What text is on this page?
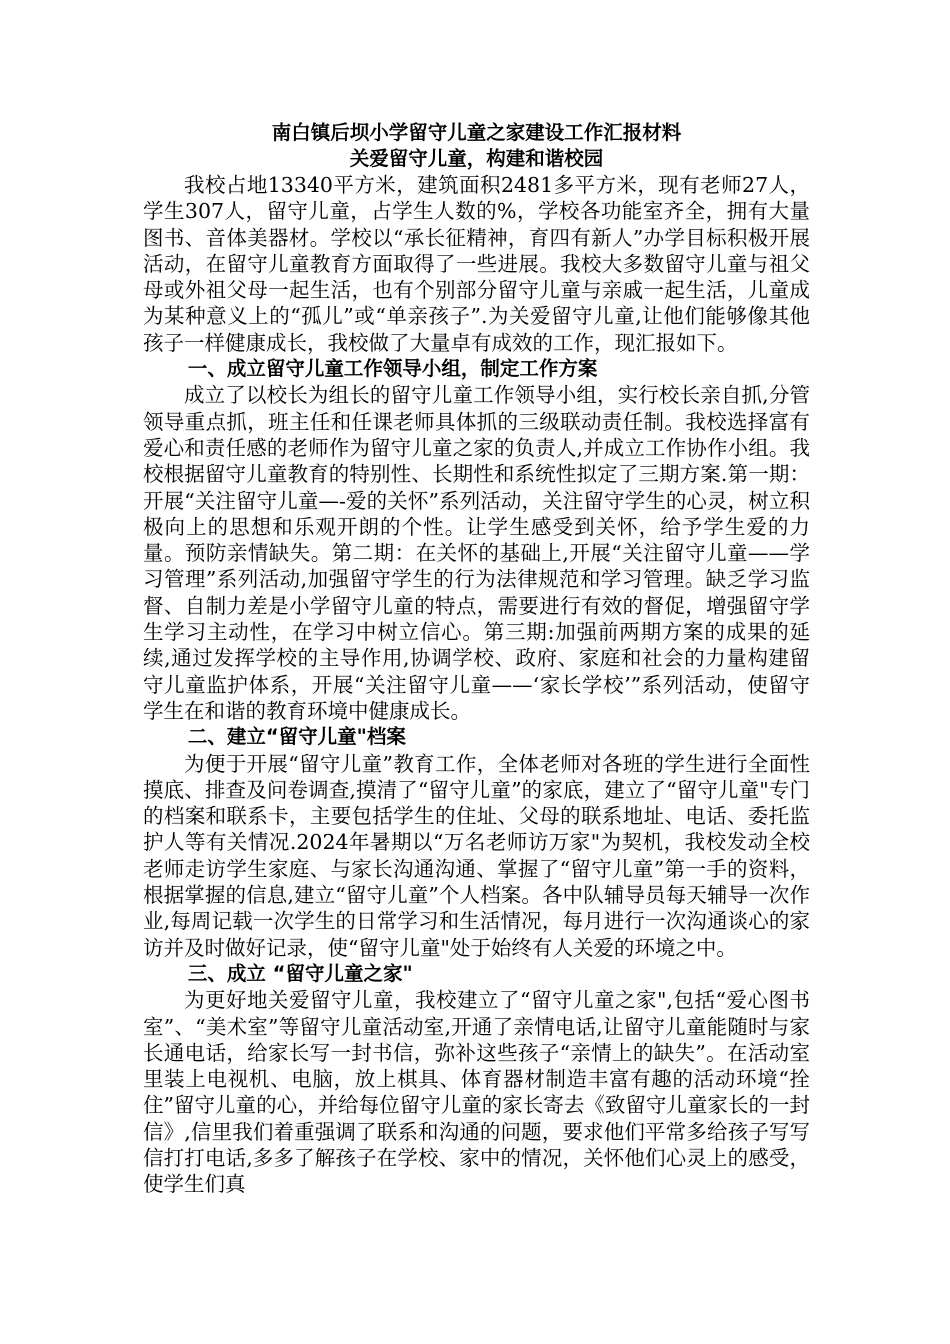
南白镇后坝小学留守儿童之家建设工作汇报材料

关爱留守儿童，构建和谐校园

我校占地13340平方米，建筑面积2481多平方米，现有老师27人，学生307人，留守儿童，占学生人数的%，学校各功能室齐全，拥有大量图书、音体美器材。学校以“承长征精神，育四有新人”办学目标积极开展活动，在留守儿童教育方面取得了一些进展。我校大多数留守儿童与祖父母或外祖父母一起生活，也有个别部分留守儿童与亲戚一起生活，儿童成为某种意义上的“孤儿”或“单亲孩子”.为关爱留守儿童,让他们能够像其他孩子一样健康成长，我校做了大量卓有成效的工作，现汇报如下。

一、成立留守儿童工作领导小组，制定工作方案

成立了以校长为组长的留守儿童工作领导小组，实行校长亲自抓,分管领导重点抓，班主任和任课老师具体抓的三级联动责任制。我校选择富有爱心和责任感的老师作为留守儿童之家的负责人,并成立工作协作小组。我校根据留守儿童教育的特别性、长期性和系统性拟定了三期方案.第一期：开展“关注留守儿童—-爱的关怀”系列活动，关注留守学生的心灵，树立积极向上的思想和乐观开朗的个性。让学生感受到关怀，给予学生爱的力量。预防亲情缺失。第二期：在关怀的基础上,开展“关注留守儿童——学习管理”系列活动,加强留守学生的行为法律规范和学习管理。缺乏学习监督、自制力差是小学留守儿童的特点，需要进行有效的督促，增强留守学生学习主动性，在学习中树立信心。第三期:加强前两期方案的成果的延续,通过发挥学校的主导作用,协调学校、政府、家庭和社会的力量构建留守儿童监护体系，开展“关注留守儿童——‘家长学校’”系列活动，使留守学生在和谐的教育环境中健康成长。

二、建立“留守儿童"档案

为便于开展“留守儿童”教育工作，全体老师对各班的学生进行全面性摸底、排查及问卷调查,摸清了“留守儿童”的家底，建立了“留守儿童"专门的档案和联系卡，主要包括学生的住址、父母的联系地址、电话、委托监护人等有关情况.2024年暑期以“万名老师访万家"为契机，我校发动全校老师走访学生家庭、与家长沟通沟通、掌握了“留守儿童”第一手的资料，根据掌握的信息,建立“留守儿童”个人档案。各中队辅导员每天辅导一次作业,每周记载一次学生的日常学习和生活情况，每月进行一次沟通谈心的家访并及时做好记录，使“留守儿童"处于始终有人关爱的环境之中。

三、成立 “留守儿童之家"

为更好地关爱留守儿童，我校建立了“留守儿童之家",包括“爱心图书室”、“美术室”等留守儿童活动室,开通了亲情电话,让留守儿童能随时与家长通电话，给家长写一封书信，弥补这些孩子“亲情上的缺失”。在活动室里装上电视机、电脑，放上棋具、体育器材制造丰富有趣的活动环境“拴住”留守儿童的心，并给每位留守儿童的家长寄去《致留守儿童家长的一封信》,信里我们着重强调了联系和沟通的问题，要求他们平常多给孩子写写信打打电话,多多了解孩子在学校、家中的情况，关怀他们心灵上的感受，使学生们真
